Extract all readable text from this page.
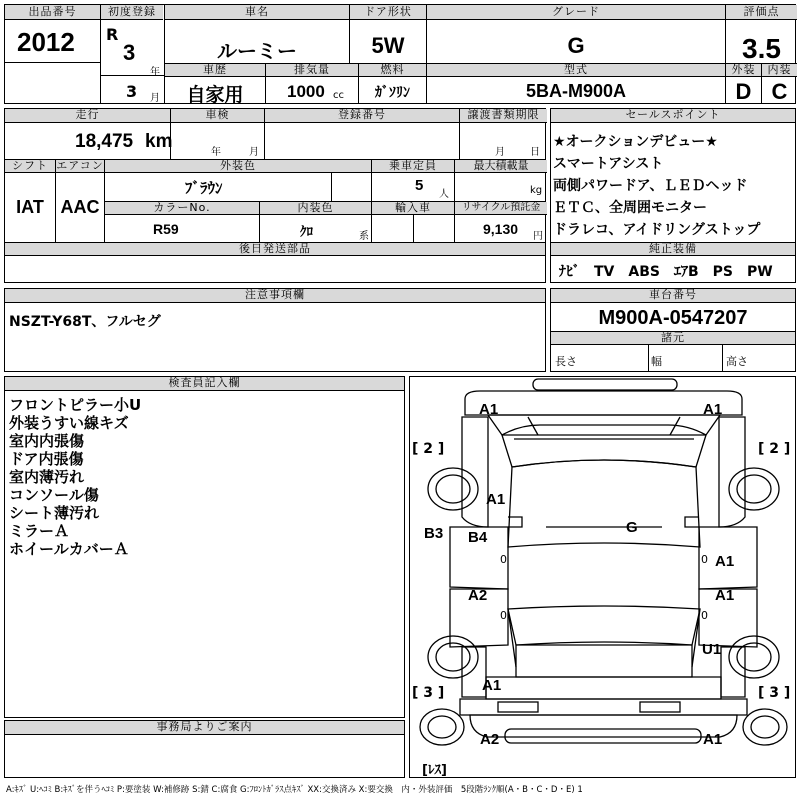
出品番号
2012
初度登録
R
3
年
3 月
車名
ルーミー
ドア形状
5W
グレード
G
評価点
3.5
車歴
自家用
排気量
1000 cc
燃料
ｶﾞｿﾘﾝ
型式
5BA-M900A
外装	内装
D C
走行
18,475 km
車検
年	月
登録番号	譲渡書類期限
月	日
シフト
IAT
エアコン
AAC
外装色
ﾌﾞﾗｳﾝ
乗車定員
5
人
最大積載量
kg
カラーNo.
R59
内装色
ｸﾛ	系
輸入車	リサイクル預託金
9,130 円
後日発送部品
セールスポイント
★オークションデビュー★
スマートアシスト
両側パワードア、ＬＥＤヘッド
ＥＴＣ、全周囲モニター
ドラレコ、アイドリングストップ
純正装備
ﾅﾋﾞ　TV　ABS　ｴｱB　PS　PW
注意事項欄
NSZT-Y68T、フルセグ
車台番号
M900A-0547207
諸元
長さ	幅	高さ
検査員記入欄
フロントピラー小U
外装うすい線キズ
室内内張傷
ドア内張傷
室内薄汚れ
コンソール傷
シート薄汚れ
ミラーＡ
ホイールカバーＡ
事務局よりご案内
A1	A1
A1
G
B3 B4
A1
A2	A1
U1
A1
A2	A1
[ 2 ]	[ 2 ]
[ 3 ]	[ 3 ]
[ﾚｽ]
0
0
0
0
A:ｷｽﾞ U:ﾍｺﾐ B:ｷｽﾞを伴うﾍｺﾐ P:要塗装 W:補修跡 S:錆 C:腐食 G:ﾌﾛﾝﾄｶﾞﾗｽ点ｷｽﾞ XX:交換済み X:要交換　内・外装評価　5段階ﾗﾝｸ順(A・B・C・D・E) 1
